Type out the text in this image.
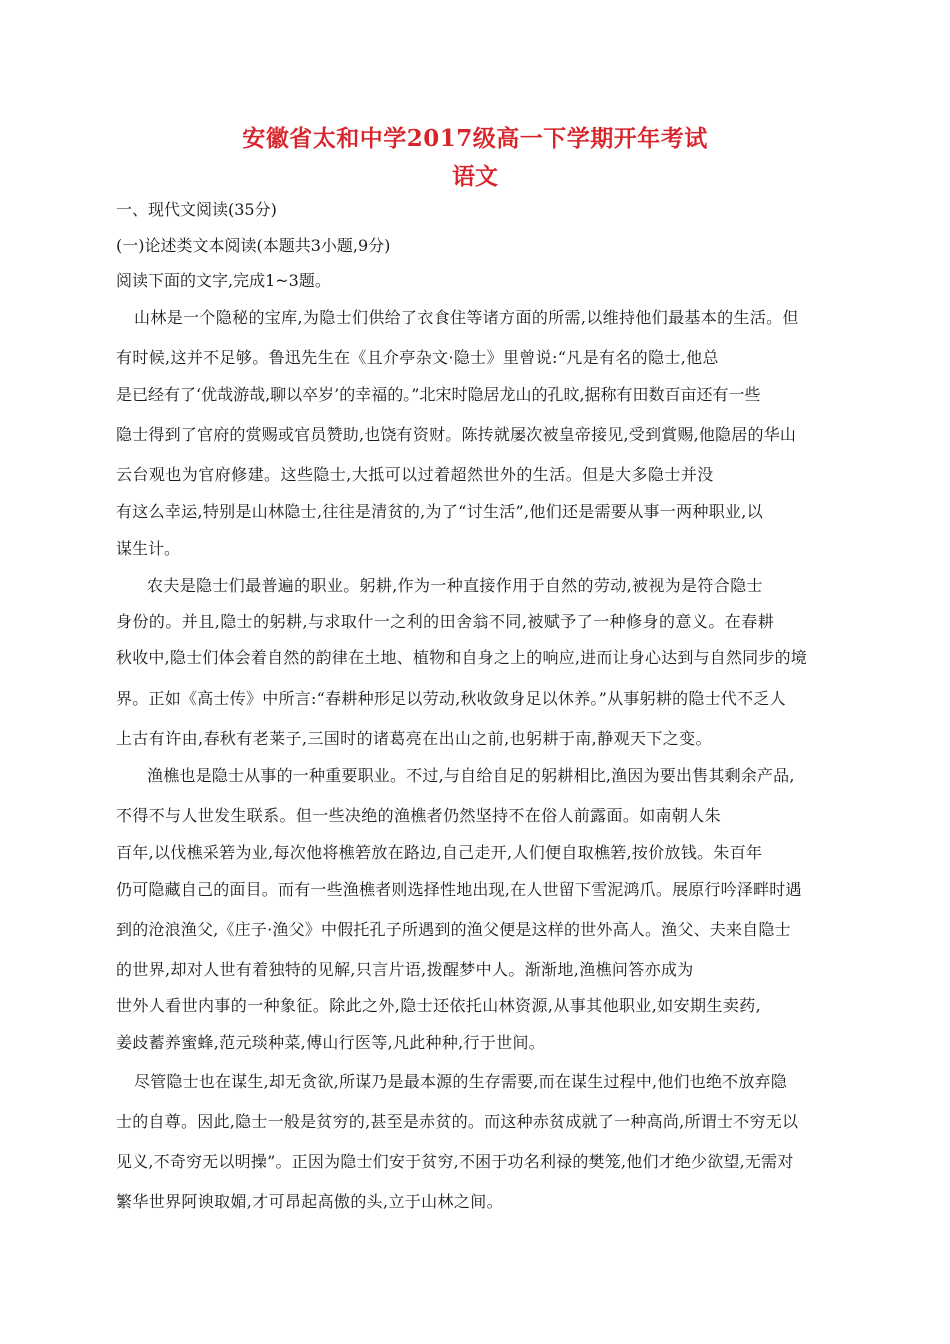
安徽省太和中学2017级高一下学期开年考试
语文
一、现代文阅读(35分)
(一)论述类文本阅读(本题共3小题,9分)
阅读下面的文字,完成1~3题。
山林是一个隐秘的宝库,为隐士们供给了衣食住等诸方面的所需,以维持他们最基本的生活。但
有时候,这并不足够。鲁迅先生在《且介亭杂文·隐士》里曾说:“凡是有名的隐士,他总
是已经有了‘优哉游哉,聊以卒岁’的幸福的。”北宋时隐居龙山的孔旼,据称有田数百亩还有一些
隐士得到了官府的赏赐或官员赞助,也饶有资财。陈抟就屡次被皇帝接见,受到賞赐,他隐居的华山
云台观也为官府修建。这些隐士,大抵可以过着超然世外的生活。但是大多隐士并没
有这么幸运,特别是山林隐士,往往是清贫的,为了“讨生活”,他们还是需要从事一两种职业,以
谋生计。
农夫是隐士们最普遍的职业。躬耕,作为一种直接作用于自然的劳动,被视为是符合隐士
身份的。并且,隐士的躬耕,与求取什一之利的田舍翁不同,被赋予了一种修身的意义。在春耕
秋收中,隐士们体会着自然的韵律在土地、植物和自身之上的响应,进而让身心达到与自然同步的境
界。正如《高士传》中所言:“春耕种形足以劳动,秋收敛身足以休养。”从事躬耕的隐士代不乏人
上古有许由,春秋有老莱子,三国时的诸葛亮在出山之前,也躬耕于南,静观天下之变。
渔樵也是隐士从事的一种重要职业。不过,与自给自足的躬耕相比,渔因为要出售其剩余产品,
不得不与人世发生联系。但一些决绝的渔樵者仍然坚持不在俗人前露面。如南朝人朱
百年,以伐樵采箬为业,每次他将樵箬放在路边,自己走开,人们便自取樵箬,按价放钱。朱百年
仍可隐藏自己的面目。而有一些渔樵者则选择性地出现,在人世留下雪泥鸿爪。展原行吟泽畔时遇
到的沧浪渔父,《庄子·渔父》中假托孔子所遇到的渔父便是这样的世外高人。渔父、夫来自隐士
的世界,却对人世有着独特的见解,只言片语,拨醒梦中人。渐渐地,渔樵问答亦成为
世外人看世内事的一种象征。除此之外,隐士还依托山林资源,从事其他职业,如安期生卖药,
姜歧蓄养蜜蜂,范元琰种菜,傅山行医等,凡此种种,行于世间。
尽管隐士也在谋生,却无贪欲,所谋乃是最本源的生存需要,而在谋生过程中,他们也绝不放弃隐
士的自尊。因此,隐士一般是贫穷的,甚至是赤贫的。而这种赤贫成就了一种高尚,所谓士不穷无以
见义,不奇穷无以明操”。正因为隐士们安于贫穷,不困于功名利禄的樊笼,他们才绝少欲望,无需对
繁华世界阿谀取媚,才可昂起高傲的头,立于山林之间。
